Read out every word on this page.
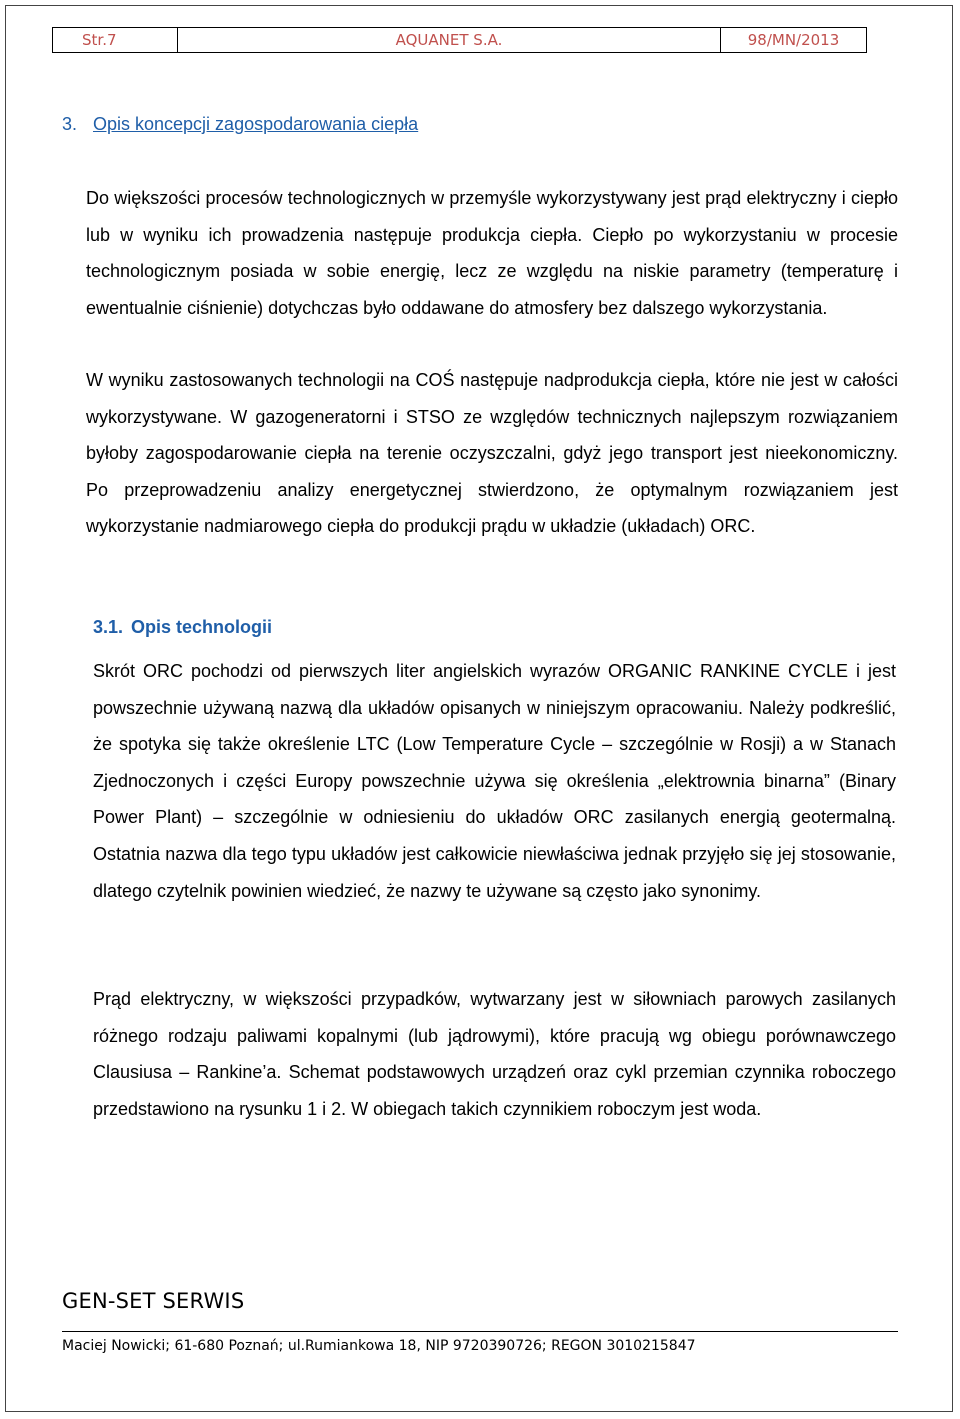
Str.7	AQUANET S.A.	98/MN/2013
3. Opis koncepcji zagospodarowania ciepła

Do większości procesów technologicznych w przemyśle wykorzystywany jest prąd elektryczny i ciepło lub w wyniku ich prowadzenia następuje produkcja ciepła. Ciepło po wykorzystaniu w procesie technologicznym posiada w sobie energię, lecz ze względu na niskie parametry (temperaturę i ewentualnie ciśnienie) dotychczas było oddawane do atmosfery bez dalszego wykorzystania.

W wyniku zastosowanych technologii na COŚ następuje nadprodukcja ciepła, które nie jest w całości wykorzystywane. W gazogeneratorni i STSO ze względów technicznych najlepszym rozwiązaniem byłoby zagospodarowanie ciepła na terenie oczyszczalni, gdyż jego transport jest nieekonomiczny. Po przeprowadzeniu analizy energetycznej stwierdzono, że optymalnym rozwiązaniem jest wykorzystanie nadmiarowego ciepła do produkcji prądu w układzie (układach) ORC.

3.1. Opis technologii

Skrót ORC pochodzi od pierwszych liter angielskich wyrazów ORGANIC RANKINE CYCLE i jest powszechnie używaną nazwą dla układów opisanych w niniejszym opracowaniu. Należy podkreślić, że spotyka się także określenie LTC (Low Temperature Cycle – szczególnie w Rosji) a w Stanach Zjednoczonych i części Europy powszechnie używa się określenia „elektrownia binarna” (Binary Power Plant) – szczególnie w odniesieniu do układów ORC zasilanych energią geotermalną. Ostatnia nazwa dla tego typu układów jest całkowicie niewłaściwa jednak przyjęło się jej stosowanie, dlatego czytelnik powinien wiedzieć, że nazwy te używane są często jako synonimy.

Prąd elektryczny, w większości przypadków, wytwarzany jest w siłowniach parowych zasilanych różnego rodzaju paliwami kopalnymi (lub jądrowymi), które pracują wg obiegu porównawczego Clausiusa – Rankine’a. Schemat podstawowych urządzeń oraz cykl przemian czynnika roboczego przedstawiono na rysunku 1 i 2. W obiegach takich czynnikiem roboczym jest woda.

GEN-SET SERWIS
Maciej Nowicki; 61-680 Poznań; ul.Rumiankowa 18, NIP 9720390726; REGON 3010215847
